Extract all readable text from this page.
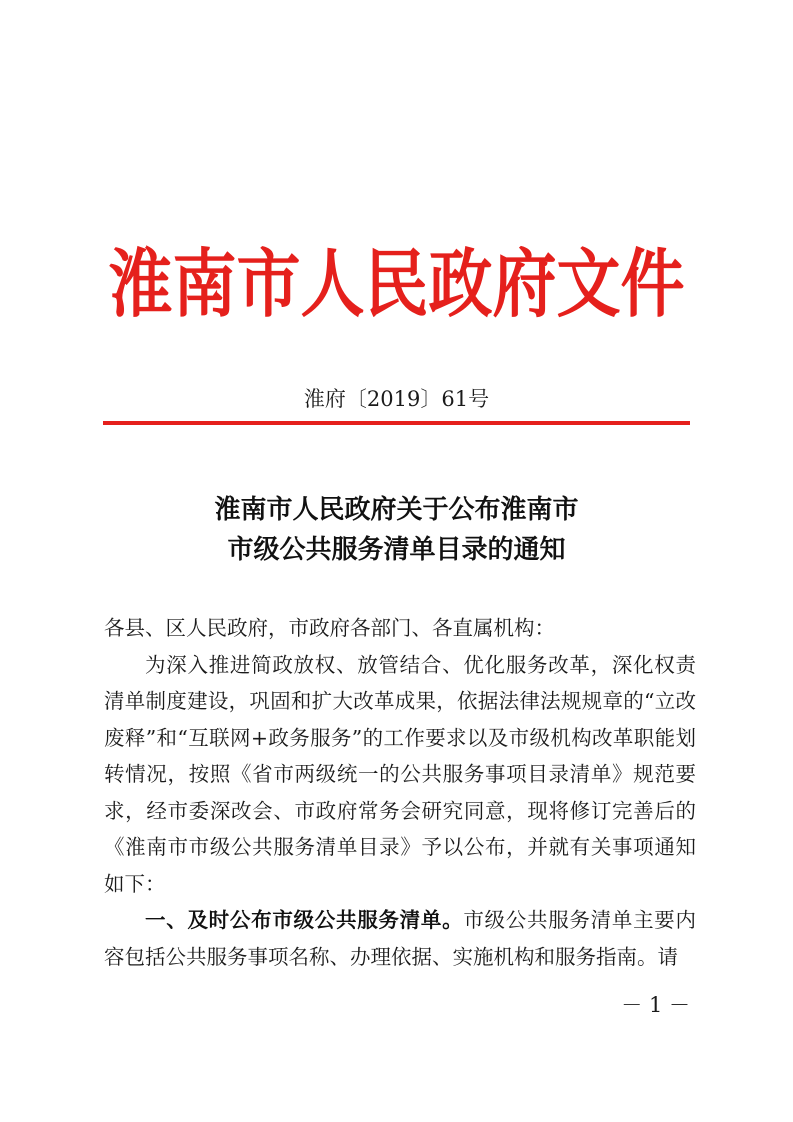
淮南市人民政府文件
淮府〔2019〕61号
淮南市人民政府关于公布淮南市
市级公共服务清单目录的通知

各县、区人民政府，市政府各部门、各直属机构：

为深入推进简政放权、放管结合、优化服务改革，深化权责清单制度建设，巩固和扩大改革成果，依据法律法规规章的“立改废释”和“互联网+政务服务”的工作要求以及市级机构改革职能划转情况，按照《省市两级统一的公共服务事项目录清单》规范要求，经市委深改会、市政府常务会研究同意，现将修订完善后的《淮南市市级公共服务清单目录》予以公布，并就有关事项通知如下：

一、及时公布市级公共服务清单。市级公共服务清单主要内容包括公共服务事项名称、办理依据、实施机构和服务指南。请

－ 1 －
